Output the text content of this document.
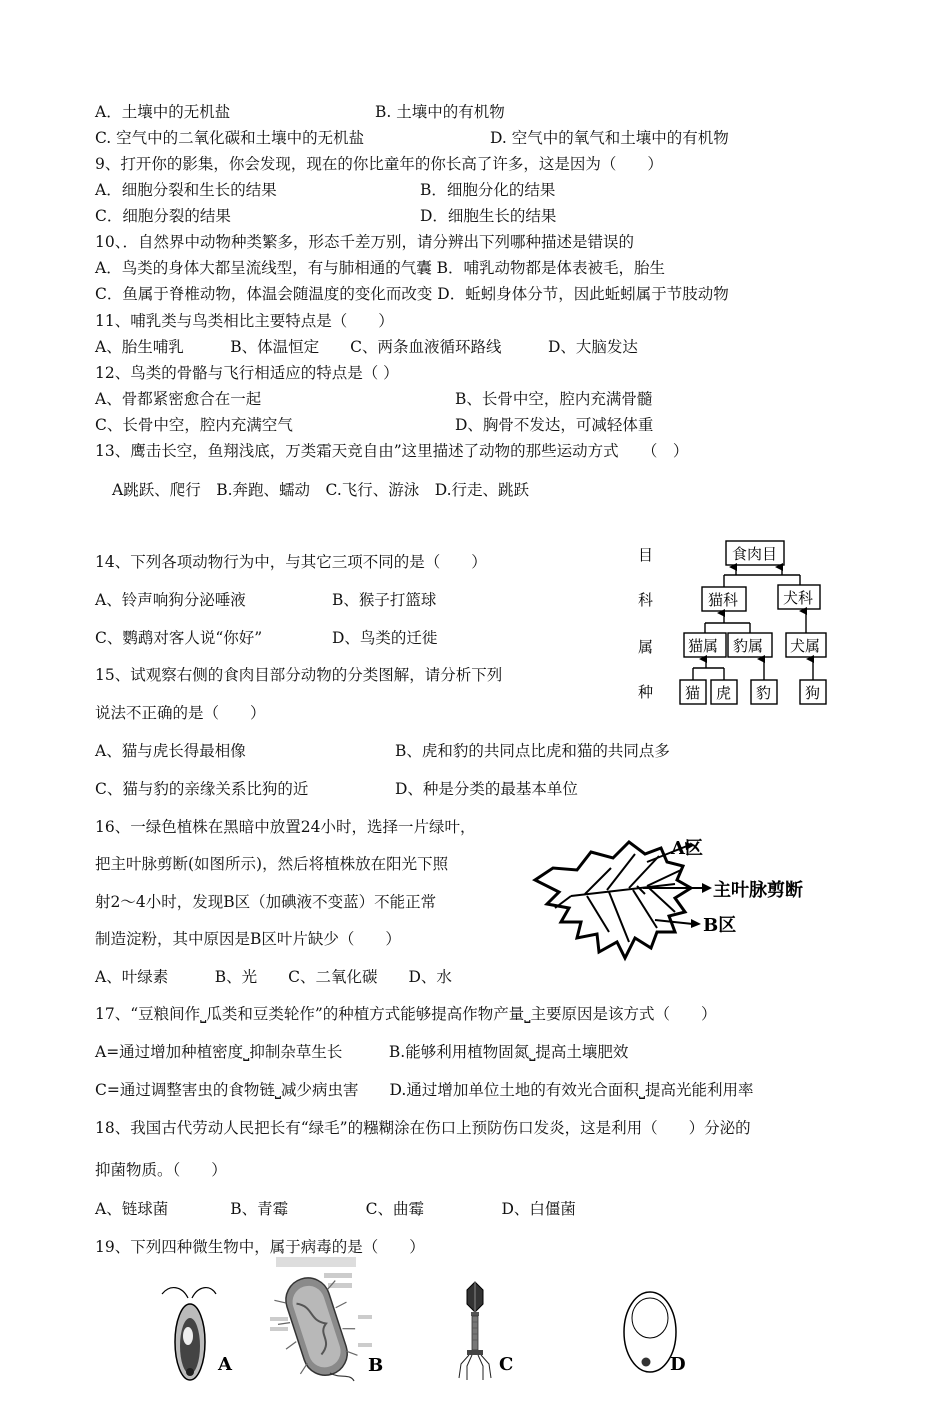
A．土壤中的无机盐	B. 土壤中的有机物
C. 空气中的二氧化碳和土壤中的无机盐	D. 空气中的氧气和土壤中的有机物
9、打开你的影集，你会发现，现在的你比童年的你长高了许多，这是因为（　　）
A．细胞分裂和生长的结果	B．细胞分化的结果
C．细胞分裂的结果	D．细胞生长的结果
10、．自然界中动物种类繁多，形态千差万别，请分辨出下列哪种描述是错误的
A．鸟类的身体大都呈流线型，有与肺相通的气囊 B．哺乳动物都是体表被毛，胎生
C．鱼属于脊椎动物，体温会随温度的变化而改变 D．蚯蚓身体分节，因此蚯蚓属于节肢动物
11、哺乳类与鸟类相比主要特点是（　　）
A、胎生哺乳　　　B、体温恒定　　C、两条血液循环路线　　　D、大脑发达
12、鸟类的骨骼与飞行相适应的特点是（ ）
A、骨都紧密愈合在一起	B、长骨中空，腔内充满骨髓
C、长骨中空，腔内充满空气	D、胸骨不发达，可减轻体重
13、鹰击长空，鱼翔浅底，万类霜天竞自由”这里描述了动物的那些运动方式　　（　）
A跳跃、爬行　B.奔跑、蠕动　C.飞行、游泳　D.行走、跳跃
14、下列各项动物行为中，与其它三项不同的是（　　）
A、铃声响狗分泌唾液	B、猴子打篮球
C、鹦鹉对客人说“你好”	D、鸟类的迁徙
15、试观察右侧的食肉目部分动物的分类图解，请分析下列
说法不正确的是（　　）
A、猫与虎长得最相像	B、虎和豹的共同点比虎和猫的共同点多
C、猫与豹的亲缘关系比狗的近	D、种是分类的最基本单位
16、一绿色植株在黑暗中放置24小时，选择一片绿叶，
把主叶脉剪断(如图所示)，然后将植株放在阳光下照
射2～4小时，发现B区（加碘液不变蓝）不能正常
制造淀粉，其中原因是B区叶片缺少（　　）
A、叶绿素　　　B、光　　C、二氧化碳　　D、水
17、“豆粮间作⎵瓜类和豆类轮作”的种植方式能够提高作物产量⎵主要原因是该方式（　　）
A=通过增加种植密度⎵抑制杂草生长　　　B.能够利用植物固氮⎵提高土壤肥效
C=通过调整害虫的食物链⎵减少病虫害　　D.通过增加单位土地的有效光合面积⎵提高光能利用率
18、我国古代劳动人民把长有“绿毛”的糨糊涂在伤口上预防伤口发炎，这是利用（　　）分泌的
抑菌物质。（　　）
A、链球菌　　　　B、青霉　　　　　C、曲霉　　　　　D、白僵菌
19、下列四种微生物中，属于病毒的是（　　）
目
科
属
种
食肉目
猫科	犬科
猫属 豹属 犬属
猫 虎 豹 狗
A区
主叶脉剪断
B区
A	B	C	D
